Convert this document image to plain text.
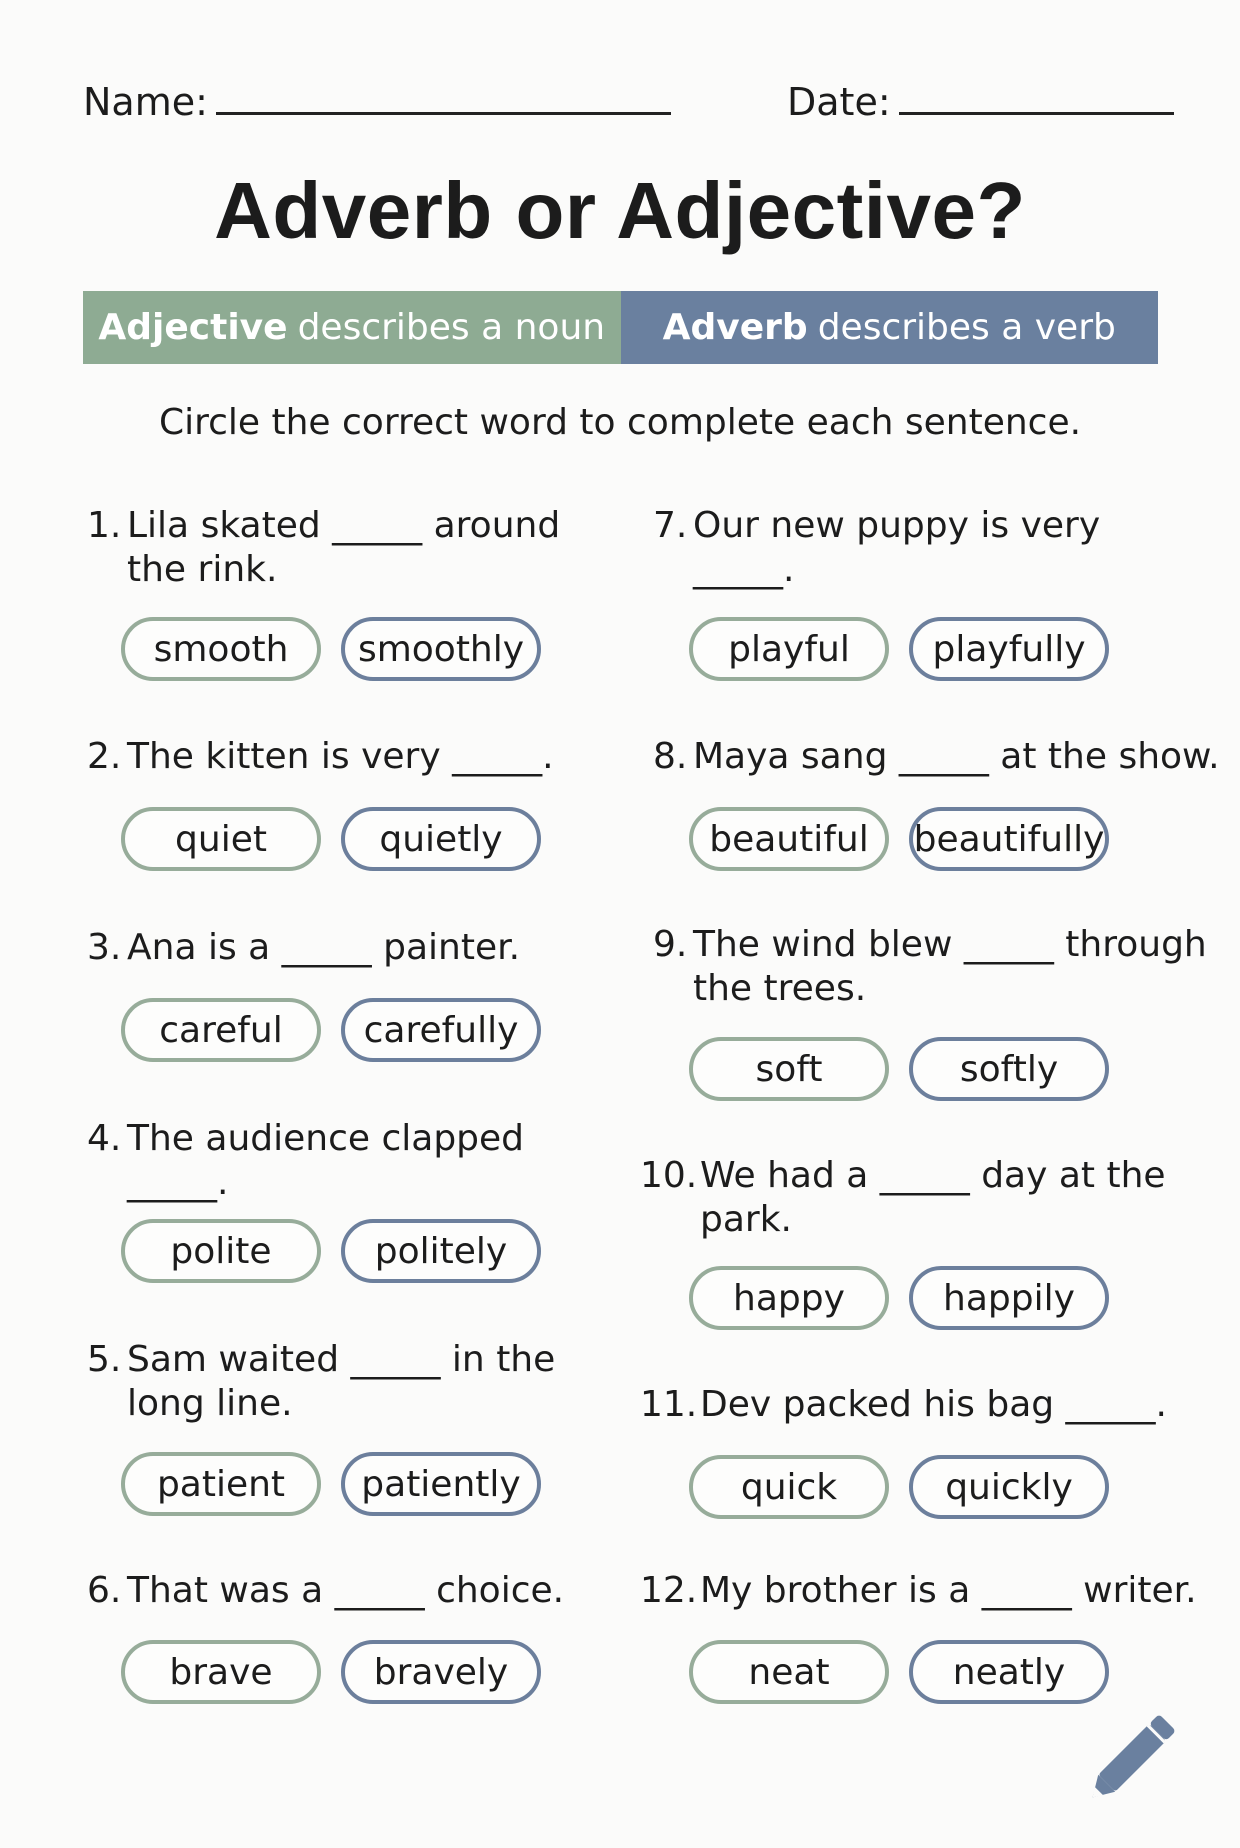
Name:	Date:
Adverb or Adjective?
Adjective describes a noun Adverb describes a verb
Circle the correct word to complete each sentence.
1. Lila skated _____ around
the rink.
smooth	smoothly
2. The kitten is very _____.
quiet	quietly
3. Ana is a _____ painter.
careful	carefully
4. The audience clapped
_____.
polite	politely
5. Sam waited _____ in the
long line.
patient	patiently
6. That was a _____ choice.
brave	bravely
7. Our new puppy is very
_____.
playful	playfully
8. Maya sang _____ at the show.
beautiful	beautifully
9. The wind blew _____ through
the trees.
soft	softly
10. We had a _____ day at the
park.
happy	happily
11. Dev packed his bag _____.
quick	quickly
12. My brother is a _____ writer.
neat	neatly
